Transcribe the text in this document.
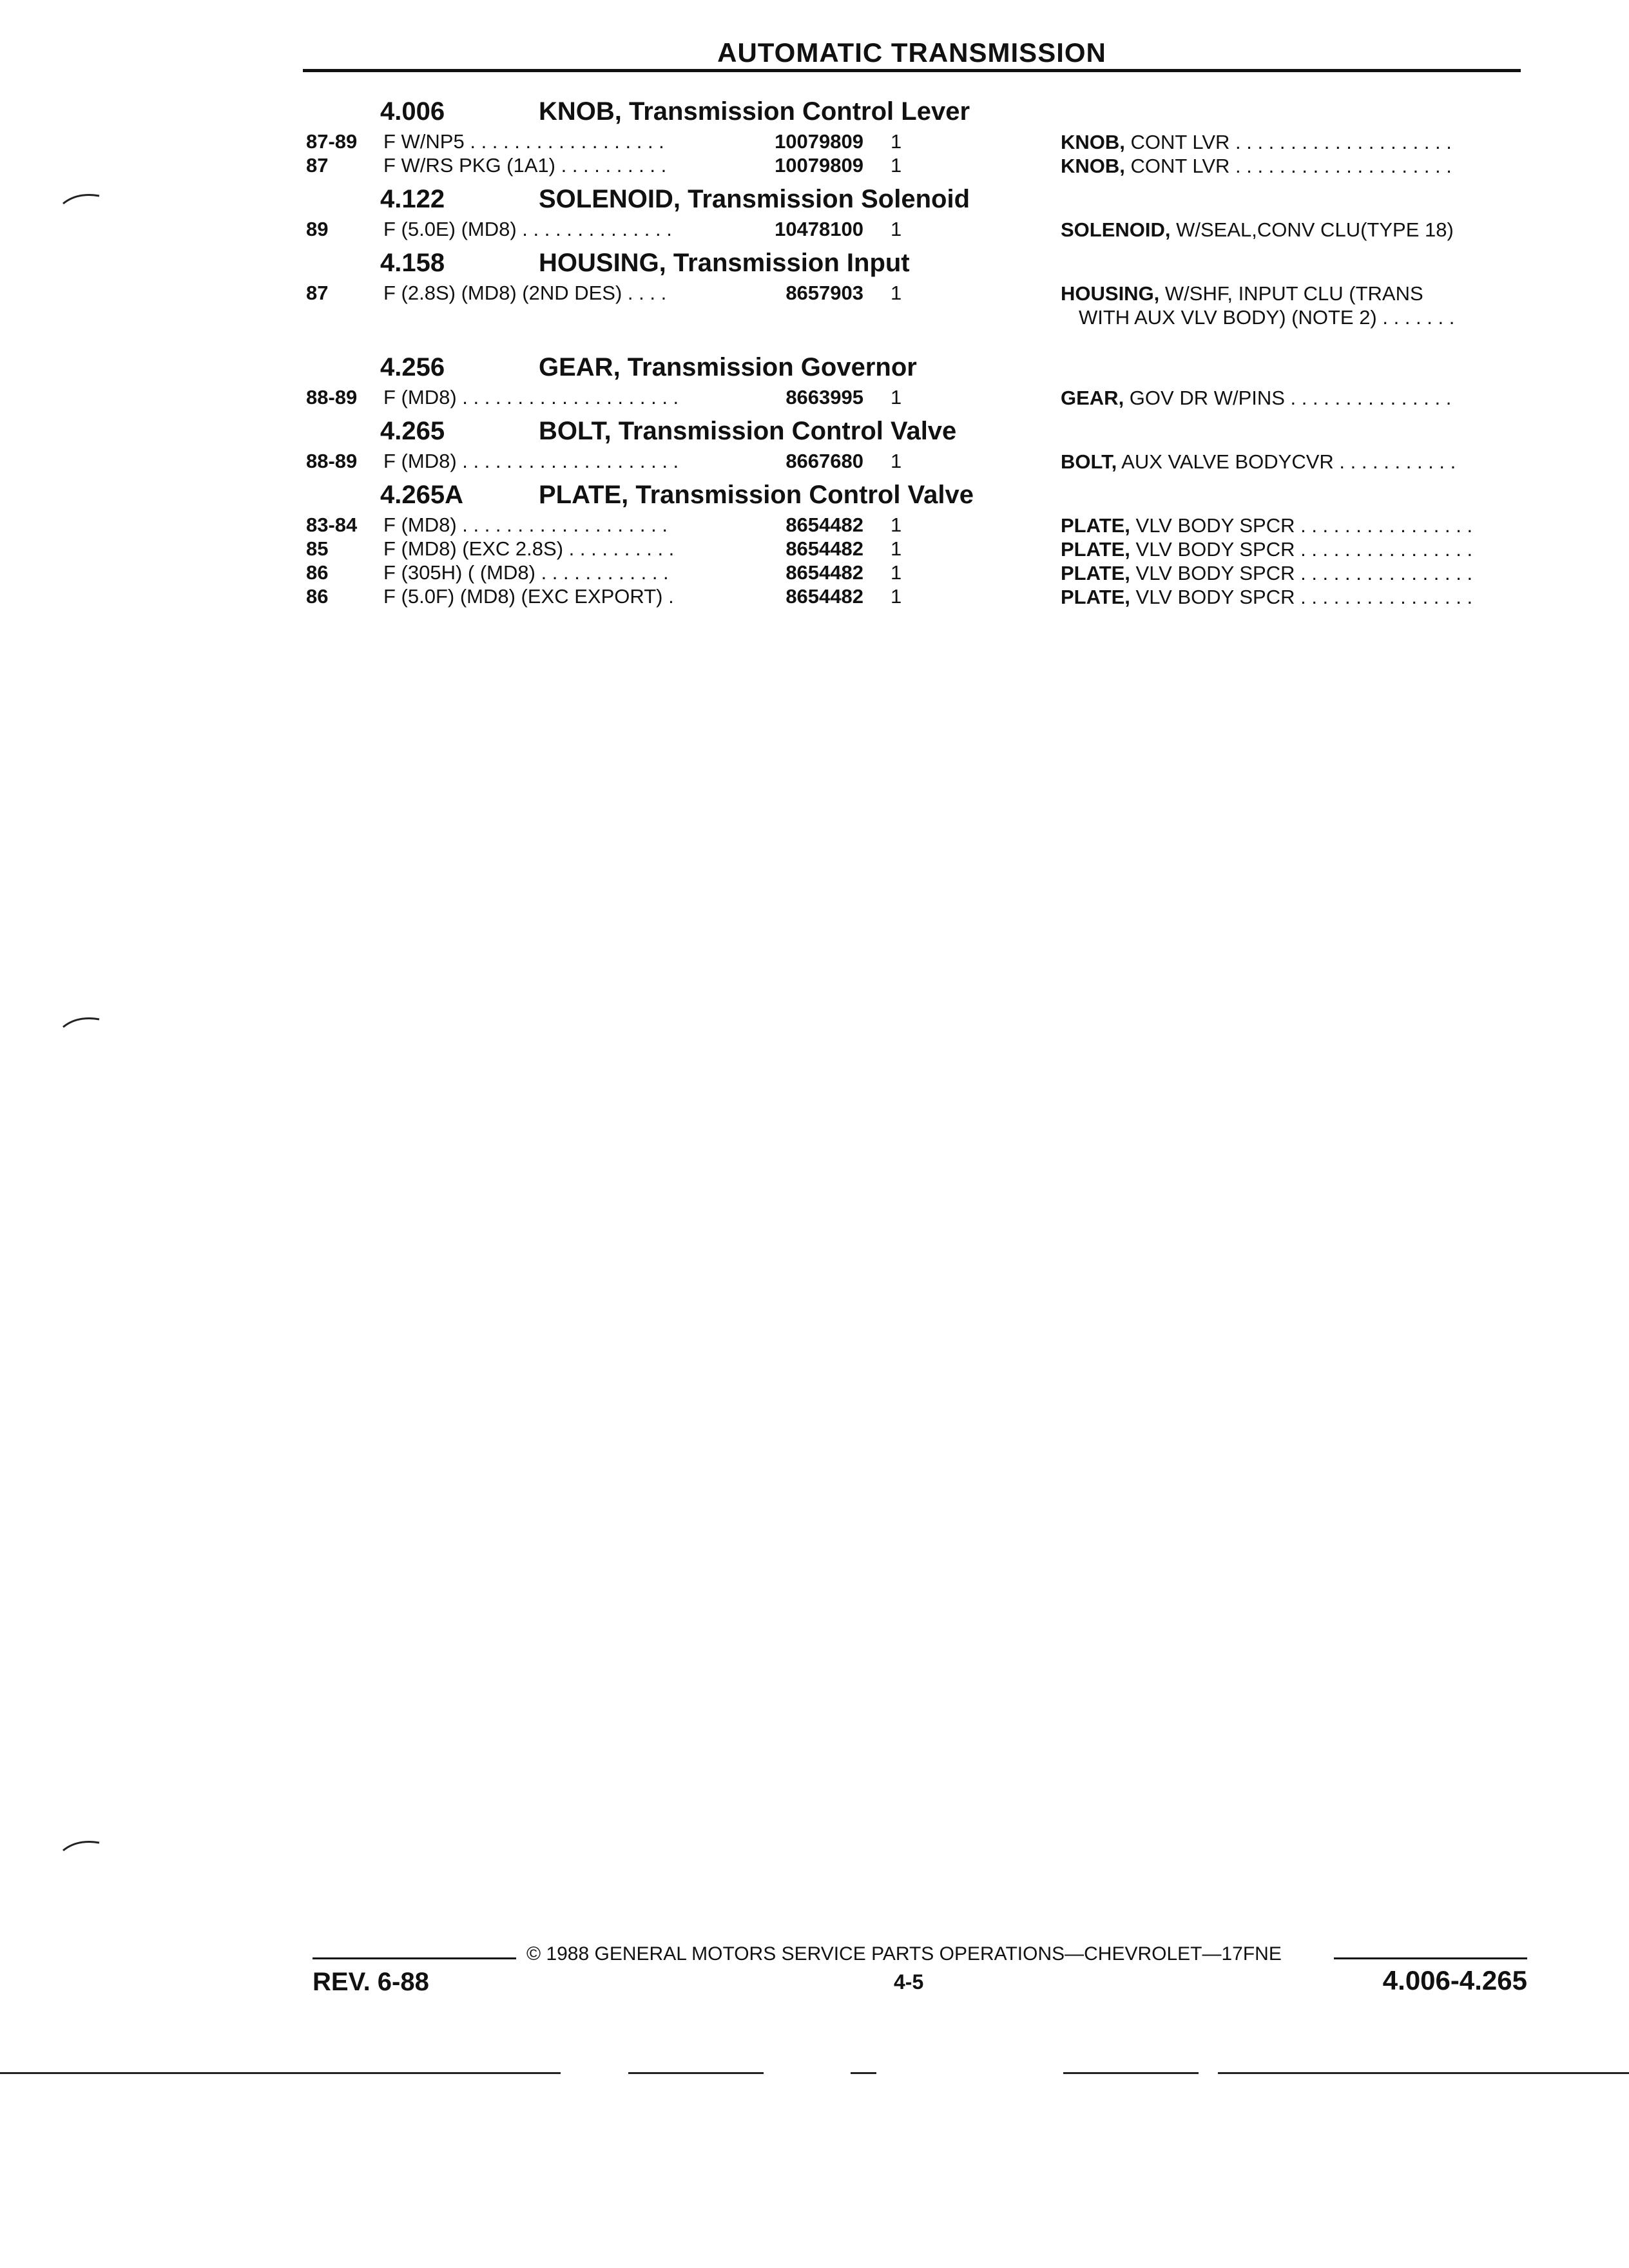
AUTOMATIC TRANSMISSION
4.006	KNOB, Transmission Control Lever
87-89 F W/NP5 . . . . . . . . . . . . . . . . . .	10079809 1	KNOB, CONT LVR . . . . . . . . . . . . . . . . . . . .
87	F W/RS PKG (1A1) . . . . . . . . . .	10079809 1	KNOB, CONT LVR . . . . . . . . . . . . . . . . . . . .
4.122	SOLENOID, Transmission Solenoid
89	F (5.0E) (MD8) . . . . . . . . . . . . . .	10478100 1	SOLENOID, W/SEAL,CONV CLU(TYPE 18)
4.158	HOUSING, Transmission Input
87	F (2.8S) (MD8) (2ND DES) . . . .	8657903 1	HOUSING, W/SHF, INPUT CLU (TRANS
WITH AUX VLV BODY) (NOTE 2) . . . . . . .
4.256	GEAR, Transmission Governor
88-89 F (MD8) . . . . . . . . . . . . . . . . . . . .	8663995 1	GEAR, GOV DR W/PINS . . . . . . . . . . . . . . .
4.265	BOLT, Transmission Control Valve
88-89 F (MD8) . . . . . . . . . . . . . . . . . . . .	8667680 1	BOLT, AUX VALVE BODYCVR . . . . . . . . . . .
4.265A	PLATE, Transmission Control Valve
83-84 F (MD8) . . . . . . . . . . . . . . . . . . .	8654482 1	PLATE, VLV BODY SPCR . . . . . . . . . . . . . . . .
85	F (MD8) (EXC 2.8S) . . . . . . . . . .	8654482 1	PLATE, VLV BODY SPCR . . . . . . . . . . . . . . . .
86	F (305H) ( (MD8) . . . . . . . . . . . .	8654482 1	PLATE, VLV BODY SPCR . . . . . . . . . . . . . . . .
86	F (5.0F) (MD8) (EXC EXPORT) .	8654482 1	PLATE, VLV BODY SPCR . . . . . . . . . . . . . . . .
© 1988 GENERAL MOTORS SERVICE PARTS OPERATIONS—CHEVROLET—17FNE
REV. 6-88	4-5	4.006-4.265
